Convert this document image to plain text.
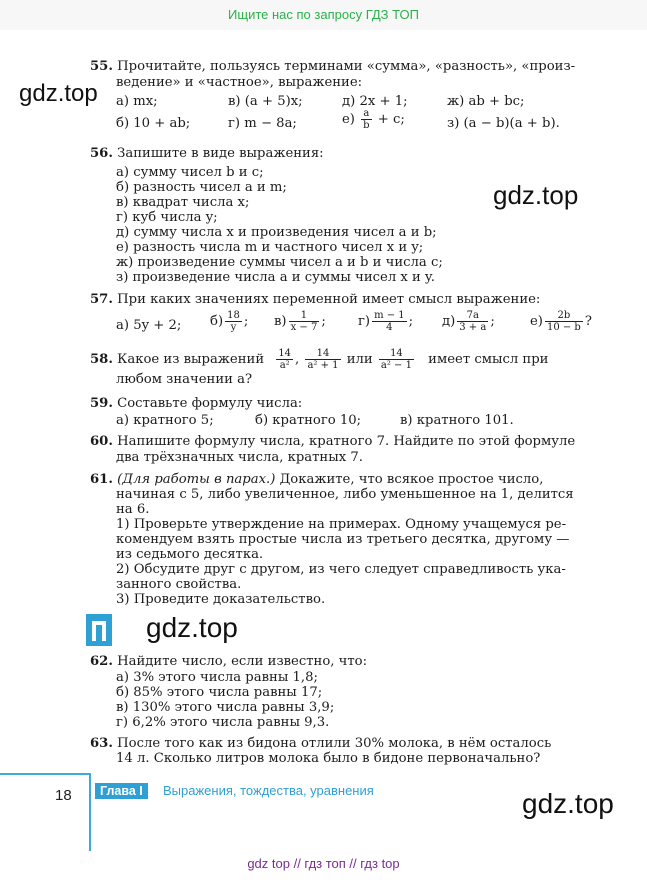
Ищите нас по запросу ГДЗ ТОП
gdz.top
gdz.top
gdz.top
gdz.top
55. Прочитайте, пользуясь терминами «сумма», «разность», «произ-
ведение» и «частное», выражение:
а) mx;	в) (a + 5)x;	д) 2x + 1;	ж) ab + bc;
б) 10 + ab;	г) m − 8a;	$е) \frac{a}{b} + c$;	з) (a − b)(a + b).
56. Запишите в виде выражения:
а) сумму чисел b и c;
б) разность чисел a и m;
в) квадрат числа x;
г) куб числа y;
д) сумму числа x и произведения чисел a и b;
е) разность числа m и частного чисел x и y;
ж) произведение суммы чисел a и b и числа c;
з) произведение числа a и суммы чисел x и y.
57. При каких значениях переменной имеет смысл выражение:
а) 5y + 2; $б) \frac{18}{y}$ ; $в) \frac{1}{x - 7}$ ; $г) \frac{m - 1}{4}$ ; $д) \frac{7a}{3 + a}$ ;	$е) \frac{2b}{10 - b}$ ?
58. Какое из выражений $\frac{14}{\text{a²}}$ , $\frac{14}{\text{a² + 1}}$ или $\frac{14}{\text{a² − 1}}$ имеет смысл при
любом значении a?
59. Составьте формулу числа:
а) кратного 5;	б) кратного 10;	в) кратного 101.
60. Напишите формулу числа, кратного 7. Найдите по этой формуле
два трёхзначных числа, кратных 7.
61. (Для работы в парах.) Докажите, что всякое простое число,
начиная с 5, либо увеличенное, либо уменьшенное на 1, делится
на 6.
1) Проверьте утверждение на примерах. Одному учащемуся ре-
комендуем взять простые числа из третьего десятка, другому —
из седьмого десятка.
2) Обсудите друг с другом, из чего следует справедливость ука-
занного свойства.
3) Проведите доказательство.
62. Найдите число, если известно, что:
а) 3% этого числа равны 1,8;
б) 85% этого числа равны 17;
в) 130% этого числа равны 3,9;
г) 6,2% этого числа равны 9,3.
63. После того как из бидона отлили 30% молока, в нём осталось
14 л. Сколько литров молока было в бидоне первоначально?
18	Глава I	Выражения, тождества, уравнения
gdz top // гдз топ // гдз top
